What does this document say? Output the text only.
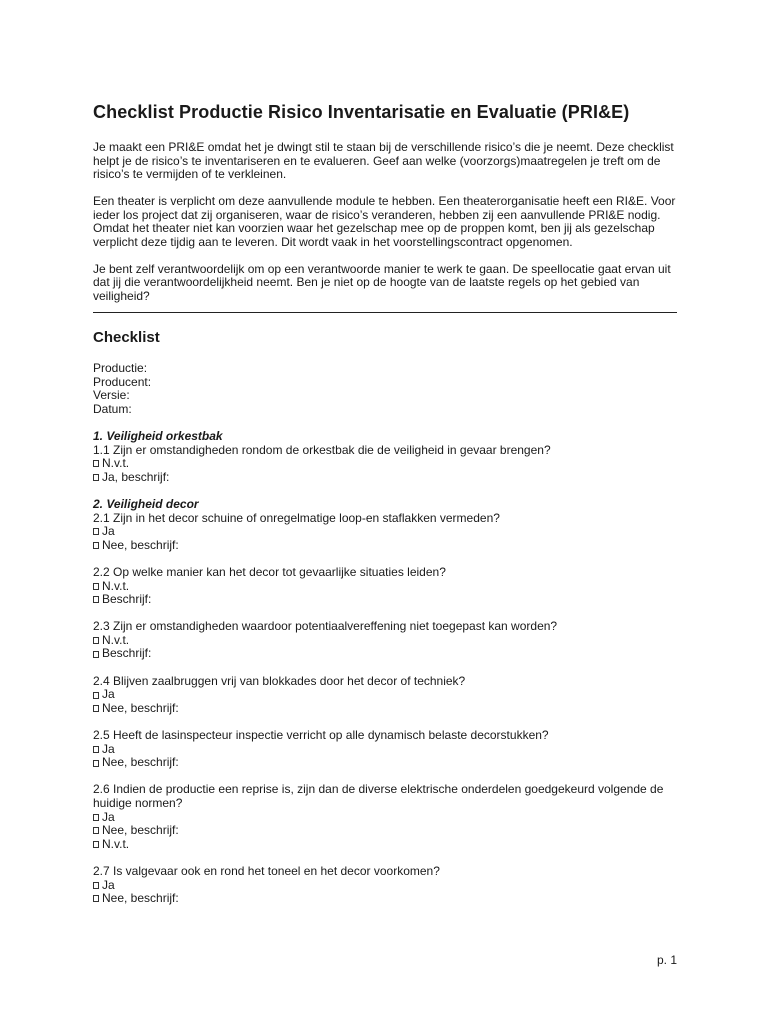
Checklist Productie Risico Inventarisatie en Evaluatie (PRI&E)

Je maakt een PRI&E omdat het je dwingt stil te staan bij de verschillende risico’s die je neemt. Deze checklist helpt je de risico’s te inventariseren en te evalueren. Geef aan welke (voorzorgs)maatregelen je treft om de risico’s te vermijden of te verkleinen.

Een theater is verplicht om deze aanvullende module te hebben. Een theaterorganisatie heeft een RI&E. Voor ieder los project dat zij organiseren, waar de risico’s veranderen, hebben zij een aanvullende PRI&E nodig. Omdat het theater niet kan voorzien waar het gezelschap mee op de proppen komt, ben jij als gezelschap verplicht deze tijdig aan te leveren. Dit wordt vaak in het voorstellingscontract opgenomen.

Je bent zelf verantwoordelijk om op een verantwoorde manier te werk te gaan. De speellocatie gaat ervan uit dat jij die verantwoordelijkheid neemt. Ben je niet op de hoogte van de laatste regels op het gebied van veiligheid?

Checklist

Productie:

Producent:

Versie:

Datum:

1. Veiligheid orkestbak

1.1 Zijn er omstandigheden rondom de orkestbak die de veiligheid in gevaar brengen?

N.v.t.

Ja, beschrijf:

2. Veiligheid decor

2.1 Zijn in het decor schuine of onregelmatige loop-en staflakken vermeden?

Ja

Nee, beschrijf:

2.2 Op welke manier kan het decor tot gevaarlijke situaties leiden?

N.v.t.

Beschrijf:

2.3 Zijn er omstandigheden waardoor potentiaalvereffening niet toegepast kan worden?

N.v.t.

Beschrijf:

2.4 Blijven zaalbruggen vrij van blokkades door het decor of techniek?

Ja

Nee, beschrijf:

2.5 Heeft de lasinspecteur inspectie verricht op alle dynamisch belaste decorstukken?

Ja

Nee, beschrijf:

2.6 Indien de productie een reprise is, zijn dan de diverse elektrische onderdelen goedgekeurd volgende de huidige normen?

Ja

Nee, beschrijf:

N.v.t.

2.7 Is valgevaar ook en rond het toneel en het decor voorkomen?

Ja

Nee, beschrijf:

p. 1
